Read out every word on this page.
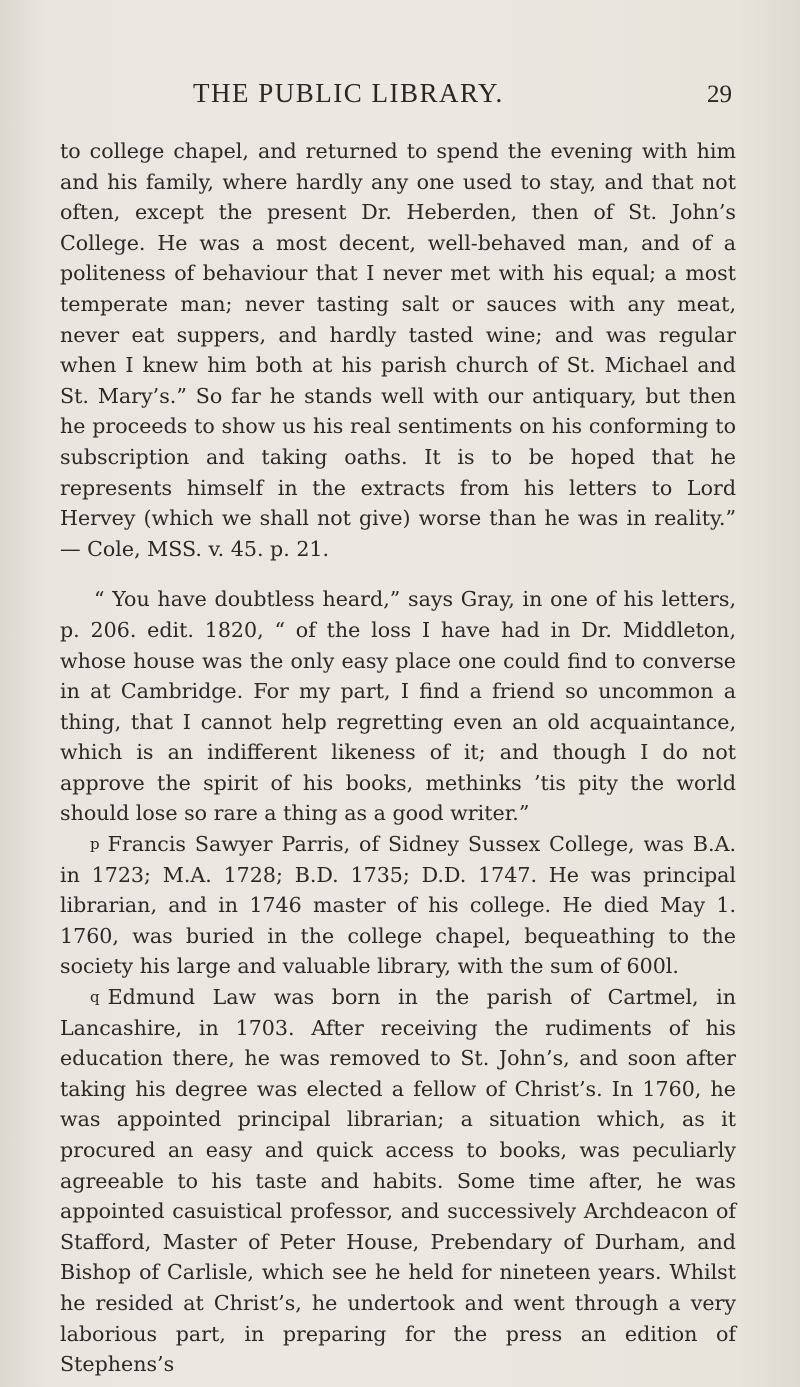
THE PUBLIC LIBRARY.	29

to college chapel, and returned to spend the evening with him and his family, where hardly any one used to stay, and that not often, except the present Dr. Heberden, then of St. John’s College. He was a most decent, well-behaved man, and of a politeness of behaviour that I never met with his equal; a most temperate man; never tasting salt or sauces with any meat, never eat suppers, and hardly tasted wine; and was regular when I knew him both at his parish church of St. Michael and St. Mary’s.” So far he stands well with our antiquary, but then he proceeds to show us his real sentiments on his conforming to subscription and taking oaths. It is to be hoped that he represents himself in the extracts from his letters to Lord Hervey (which we shall not give) worse than he was in reality.” — Cole, MSS. v. 45. p. 21.

“ You have doubtless heard,” says Gray, in one of his letters, p. 206. edit. 1820, “ of the loss I have had in Dr. Middleton, whose house was the only easy place one could find to converse in at Cambridge. For my part, I find a friend so uncommon a thing, that I cannot help regretting even an old acquaintance, which is an indifferent likeness of it; and though I do not approve the spirit of his books, methinks ’tis pity the world should lose so rare a thing as a good writer.”

p Francis Sawyer Parris, of Sidney Sussex College, was B.A. in 1723; M.A. 1728; B.D. 1735; D.D. 1747. He was principal librarian, and in 1746 master of his college. He died May 1. 1760, was buried in the college chapel, bequeathing to the society his large and valuable library, with the sum of 600l.

q Edmund Law was born in the parish of Cartmel, in Lancashire, in 1703. After receiving the rudiments of his education there, he was removed to St. John’s, and soon after taking his degree was elected a fellow of Christ’s. In 1760, he was appointed principal librarian; a situation which, as it procured an easy and quick access to books, was peculiarly agreeable to his taste and habits. Some time after, he was appointed casuistical professor, and successively Archdeacon of Stafford, Master of Peter House, Prebendary of Durham, and Bishop of Carlisle, which see he held for nineteen years. Whilst he resided at Christ’s, he undertook and went through a very laborious part, in preparing for the press an edition of Stephens’s
